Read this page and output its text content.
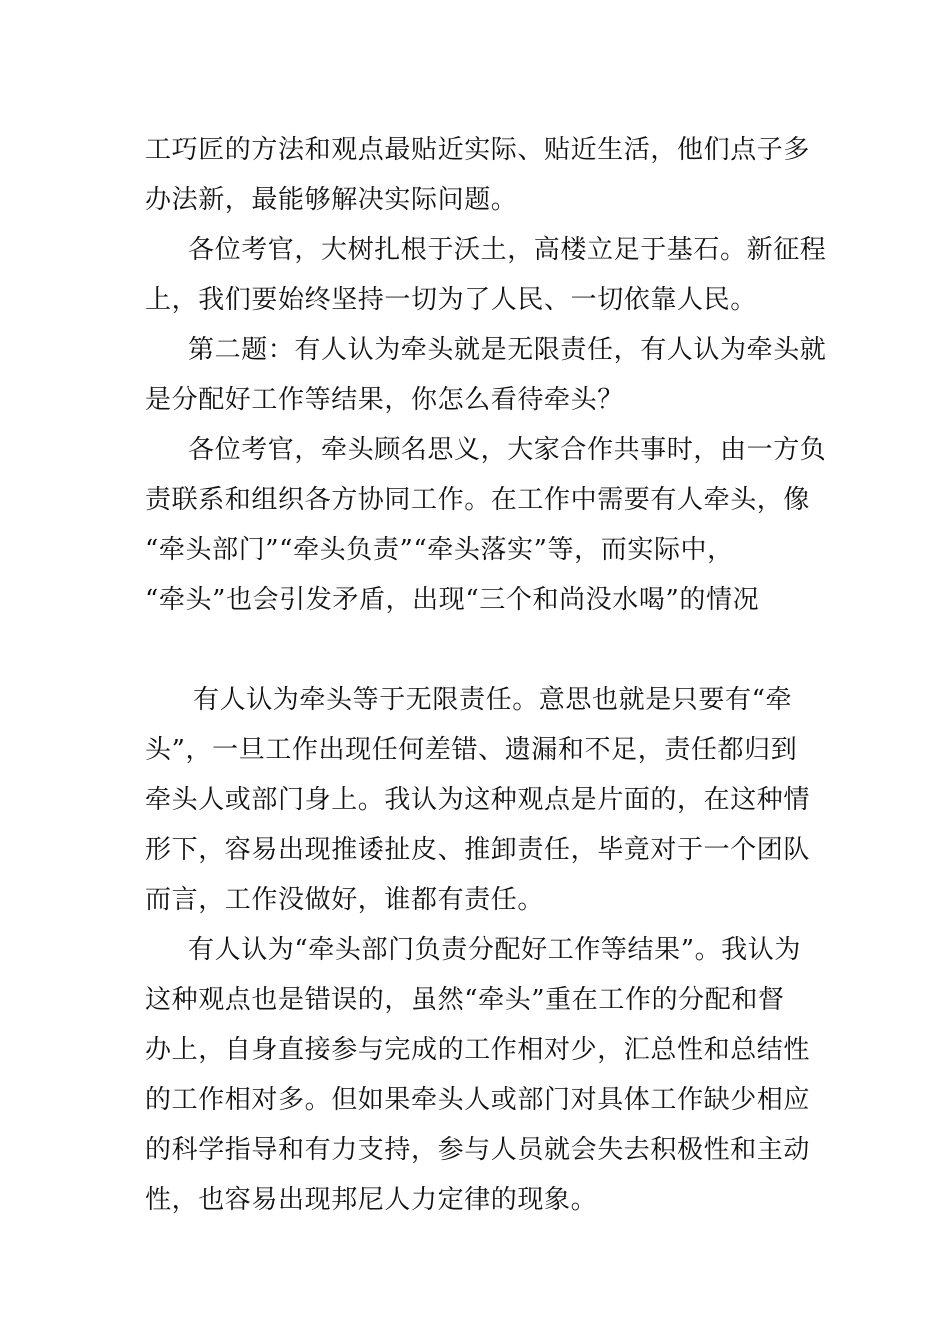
工巧匠的方法和观点最贴近实际、贴近生活，他们点子多
办法新，最能够解决实际问题。
各位考官，大树扎根于沃土，高楼立足于基石。新征程
上，我们要始终坚持一切为了人民、一切依靠人民。
第二题：有人认为牵头就是无限责任，有人认为牵头就
是分配好工作等结果，你怎么看待牵头？
各位考官，牵头顾名思义，大家合作共事时，由一方负
责联系和组织各方协同工作。在工作中需要有人牵头，像
“牵头部门”“牵头负责”“牵头落实”等，而实际中，
“牵头”也会引发矛盾，出现“三个和尚没水喝”的情况
有人认为牵头等于无限责任。意思也就是只要有“牵
头”，一旦工作出现任何差错、遗漏和不足，责任都归到
牵头人或部门身上。我认为这种观点是片面的，在这种情
形下，容易出现推诿扯皮、推卸责任，毕竟对于一个团队
而言，工作没做好，谁都有责任。
有人认为“牵头部门负责分配好工作等结果”。我认为
这种观点也是错误的，虽然“牵头”重在工作的分配和督
办上，自身直接参与完成的工作相对少，汇总性和总结性
的工作相对多。但如果牵头人或部门对具体工作缺少相应
的科学指导和有力支持，参与人员就会失去积极性和主动
性，也容易出现邦尼人力定律的现象。
